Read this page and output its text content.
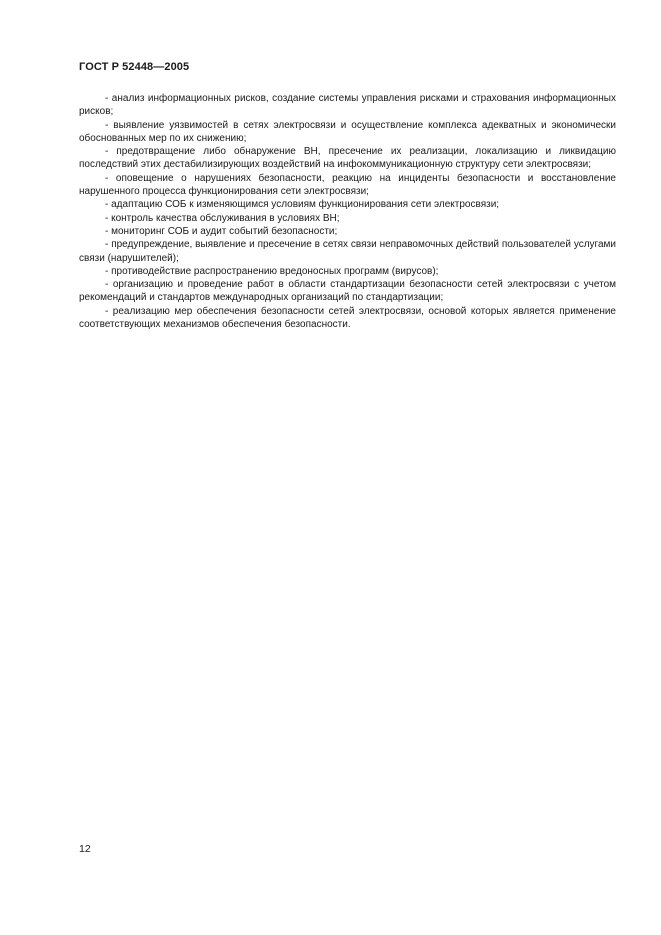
ГОСТ Р 52448—2005

- анализ информационных рисков, создание системы управления рисками и страхования информационных рисков;

- выявление уязвимостей в сетях электросвязи и осуществление комплекса адекватных и экономически обоснованных мер по их снижению;

- предотвращение либо обнаружение ВН, пресечение их реализации, локализацию и ликвидацию последствий этих дестабилизирующих воздействий на инфокоммуникационную структуру сети электросвязи;

- оповещение о нарушениях безопасности, реакцию на инциденты безопасности и восстановление нарушенного процесса функционирования сети электросвязи;

- адаптацию СОБ к изменяющимся условиям функционирования сети электросвязи;

- контроль качества обслуживания в условиях ВН;

- мониторинг СОБ и аудит событий безопасности;

- предупреждение, выявление и пресечение в сетях связи неправомочных действий пользователей услугами связи (нарушителей);

- противодействие распространению вредоносных программ (вирусов);

- организацию и проведение работ в области стандартизации безопасности сетей электросвязи с учетом рекомендаций и стандартов международных организаций по стандартизации;

- реализацию мер обеспечения безопасности сетей электросвязи, основой которых является применение соответствующих механизмов обеспечения безопасности.

12
